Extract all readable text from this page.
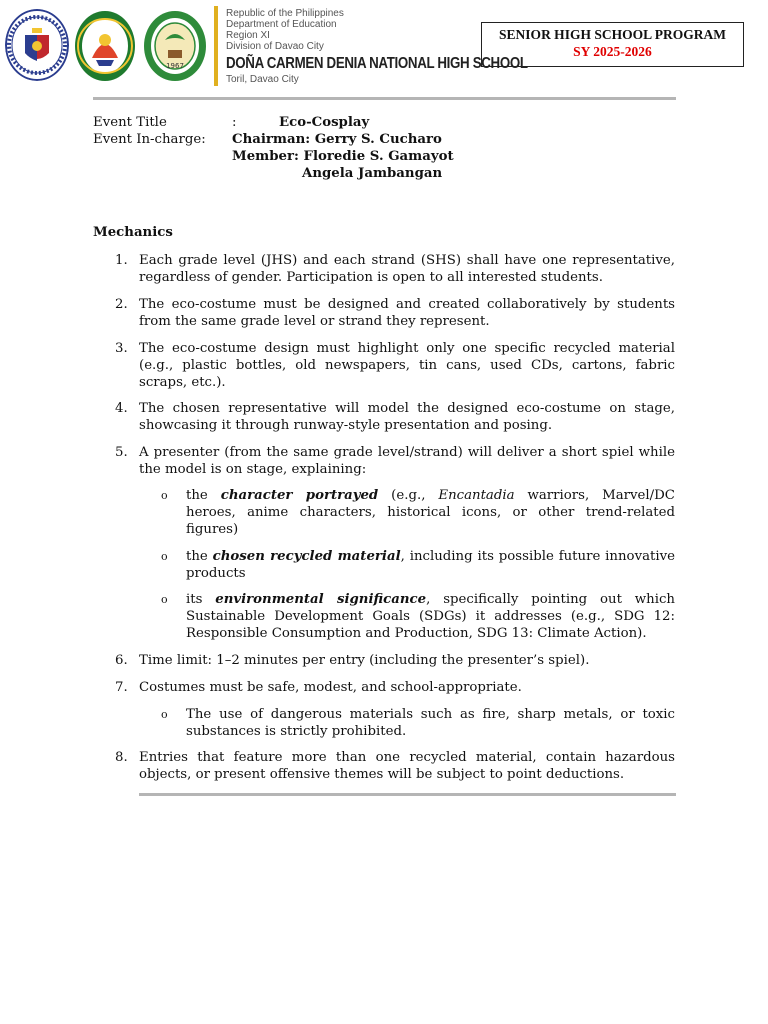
1967
Republic of the Philippines
Department of Education
Region XI
Division of Davao City
DOÑA CARMEN DENIA NATIONAL HIGH SCHOOL
Toril, Davao City
SENIOR HIGH SCHOOL PROGRAM
SY 2025-2026
Event Title	:	Eco-Cosplay
Event In-charge: Chairman: Gerry S. Cucharo
Member: Floredie S. Gamayot
Angela Jambangan
Mechanics
1. Each grade level (JHS) and each strand (SHS) shall have one representative, regardless of gender. Participation is open to all interested students.
2. The eco-costume must be designed and created collaboratively by students from the same grade level or strand they represent.
3. The eco-costume design must highlight only one specific recycled material (e.g., plastic bottles, old newspapers, tin cans, used CDs, cartons, fabric scraps, etc.).
4. The chosen representative will model the designed eco-costume on stage, showcasing it through runway-style presentation and posing.
5. A presenter (from the same grade level/strand) will deliver a short spiel while the model is on stage, explaining:
o the character portrayed (e.g., Encantadia warriors, Marvel/DC heroes, anime characters, historical icons, or other trend-related figures)
o the chosen recycled material, including its possible future innovative products
o its environmental significance, specifically pointing out which Sustainable Development Goals (SDGs) it addresses (e.g., SDG 12: Responsible Consumption and Production, SDG 13: Climate Action).
6. Time limit: 1–2 minutes per entry (including the presenter’s spiel).
7. Costumes must be safe, modest, and school-appropriate.
o The use of dangerous materials such as fire, sharp metals, or toxic substances is strictly prohibited.
8. Entries that feature more than one recycled material, contain hazardous objects, or present offensive themes will be subject to point deductions.
